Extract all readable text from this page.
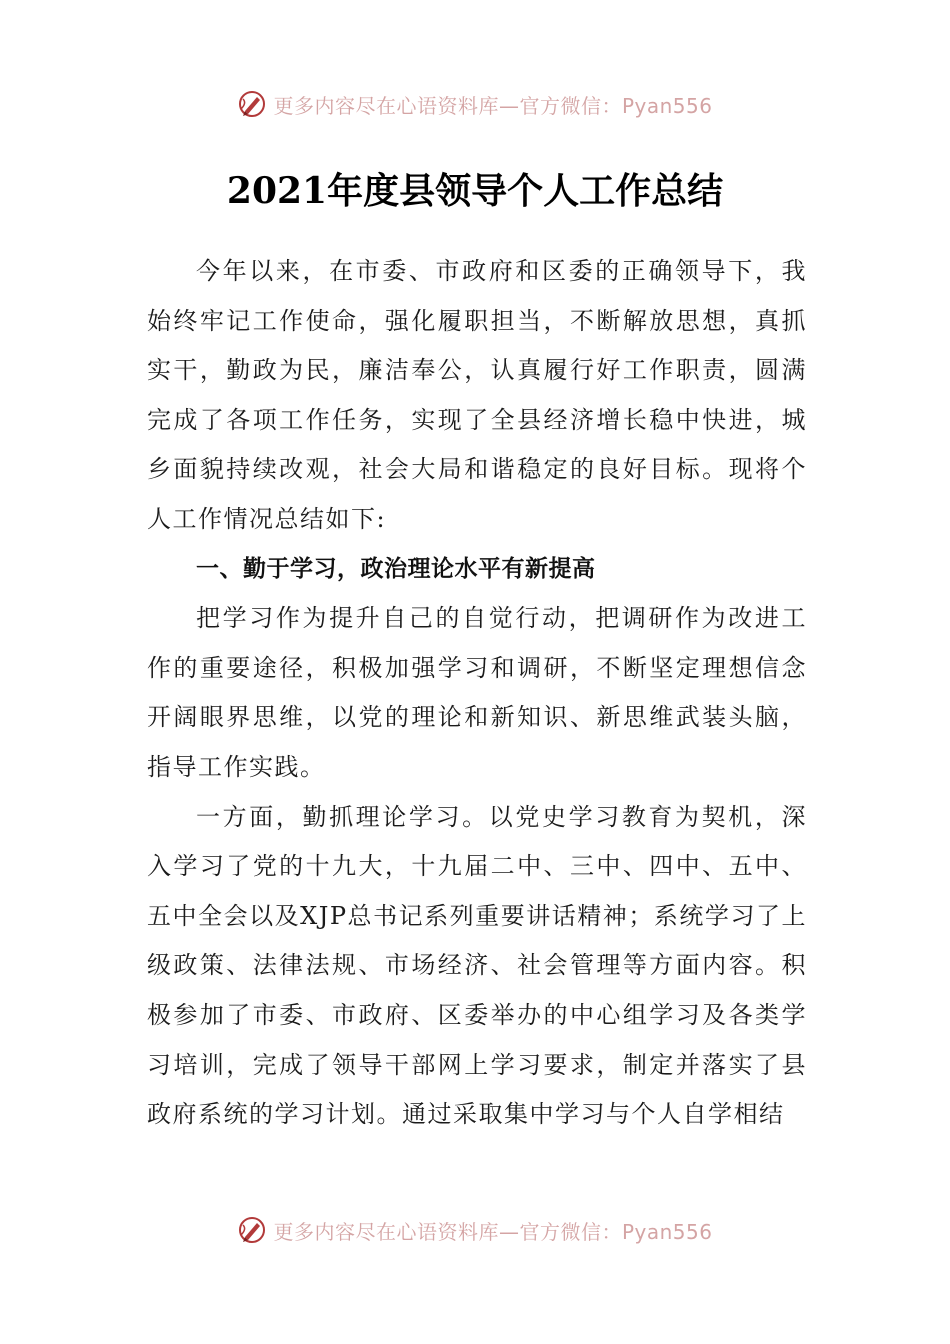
更多内容尽在心语资料库—官方微信：Pyan556
2021年度县领导个人工作总结

今年以来，在市委、市政府和区委的正确领导下，我始终牢记工作使命，强化履职担当，不断解放思想，真抓实干，勤政为民，廉洁奉公，认真履行好工作职责，圆满完成了各项工作任务，实现了全县经济增长稳中快进，城乡面貌持续改观，社会大局和谐稳定的良好目标。现将个人工作情况总结如下:

一、勤于学习，政治理论水平有新提高

把学习作为提升自己的自觉行动，把调研作为改进工作的重要途径，积极加强学习和调研，不断坚定理想信念开阔眼界思维，以党的理论和新知识、新思维武装头脑，指导工作实践。

一方面，勤抓理论学习。以党史学习教育为契机，深入学习了党的十九大，十九届二中、三中、四中、五中、五中全会以及XJP总书记系列重要讲话精神；系统学习了上级政策、法律法规、市场经济、社会管理等方面内容。积极参加了市委、市政府、区委举办的中心组学习及各类学习培训，完成了领导干部网上学习要求，制定并落实了县政府系统的学习计划。通过采取集中学习与个人自学相结

更多内容尽在心语资料库—官方微信：Pyan556
